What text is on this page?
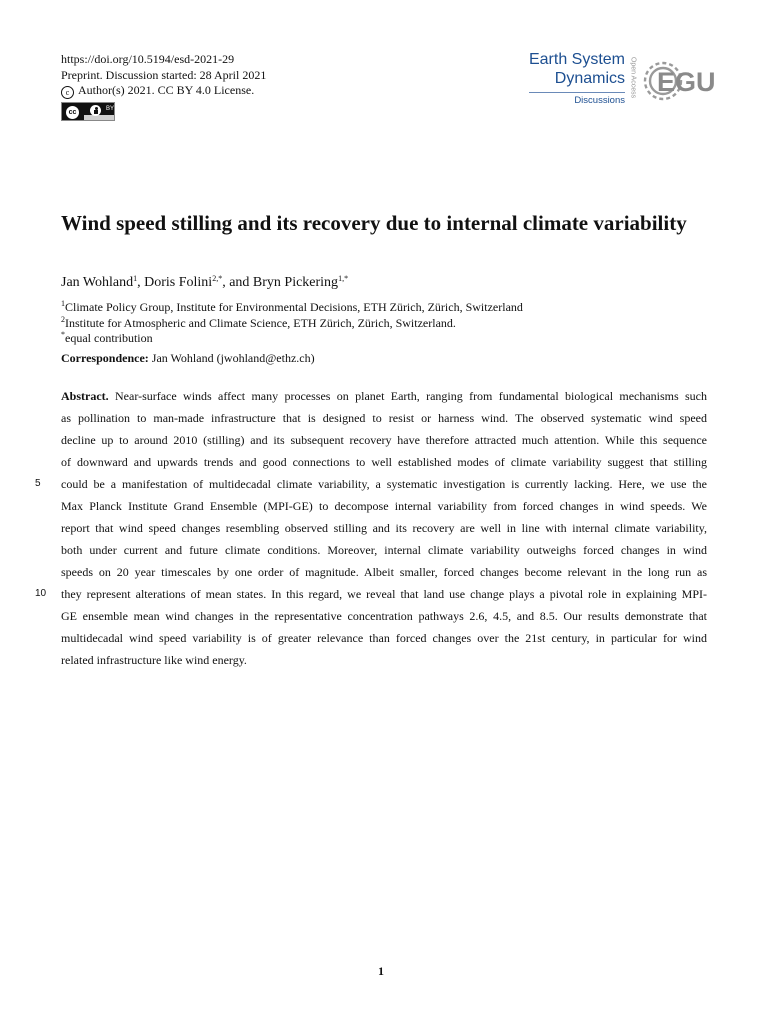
https://doi.org/10.5194/esd-2021-29
Preprint. Discussion started: 28 April 2021
c Author(s) 2021. CC BY 4.0 License.
cc	BY
Earth System
Dynamics
Discussions
Open Access EGU
Wind speed stilling and its recovery due to internal climate variability
Jan Wohland$^1$, Doris Folini$^{2,*}$, and Bryn Pickering$^{1,*}$
$^1$Climate Policy Group, Institute for Environmental Decisions, ETH Zürich, Zürich, Switzerland
$^2$Institute for Atmospheric and Climate Science, ETH Zürich, Zürich, Switzerland.
*equal contribution
Correspondence: Jan Wohland (jwohland@ethz.ch)
Abstract. Near-surface winds affect many processes on planet Earth, ranging from fundamental biological mechanisms such
as pollination to man-made infrastructure that is designed to resist or harness wind. The observed systematic wind speed
decline up to around 2010 (stilling) and its subsequent recovery have therefore attracted much attention. While this sequence
of downward and upwards trends and good connections to well established modes of climate variability suggest that stilling
could be a manifestation of multidecadal climate variability, a systematic investigation is currently lacking. Here, we use the
Max Planck Institute Grand Ensemble (MPI-GE) to decompose internal variability from forced changes in wind speeds. We
report that wind speed changes resembling observed stilling and its recovery are well in line with internal climate variability,
both under current and future climate conditions. Moreover, internal climate variability outweighs forced changes in wind
speeds on 20 year timescales by one order of magnitude. Albeit smaller, forced changes become relevant in the long run as
they represent alterations of mean states. In this regard, we reveal that land use change plays a pivotal role in explaining MPI-
GE ensemble mean wind changes in the representative concentration pathways 2.6, 4.5, and 8.5. Our results demonstrate that
multidecadal wind speed variability is of greater relevance than forced changes over the 21st century, in particular for wind
related infrastructure like wind energy.
5
10
1
